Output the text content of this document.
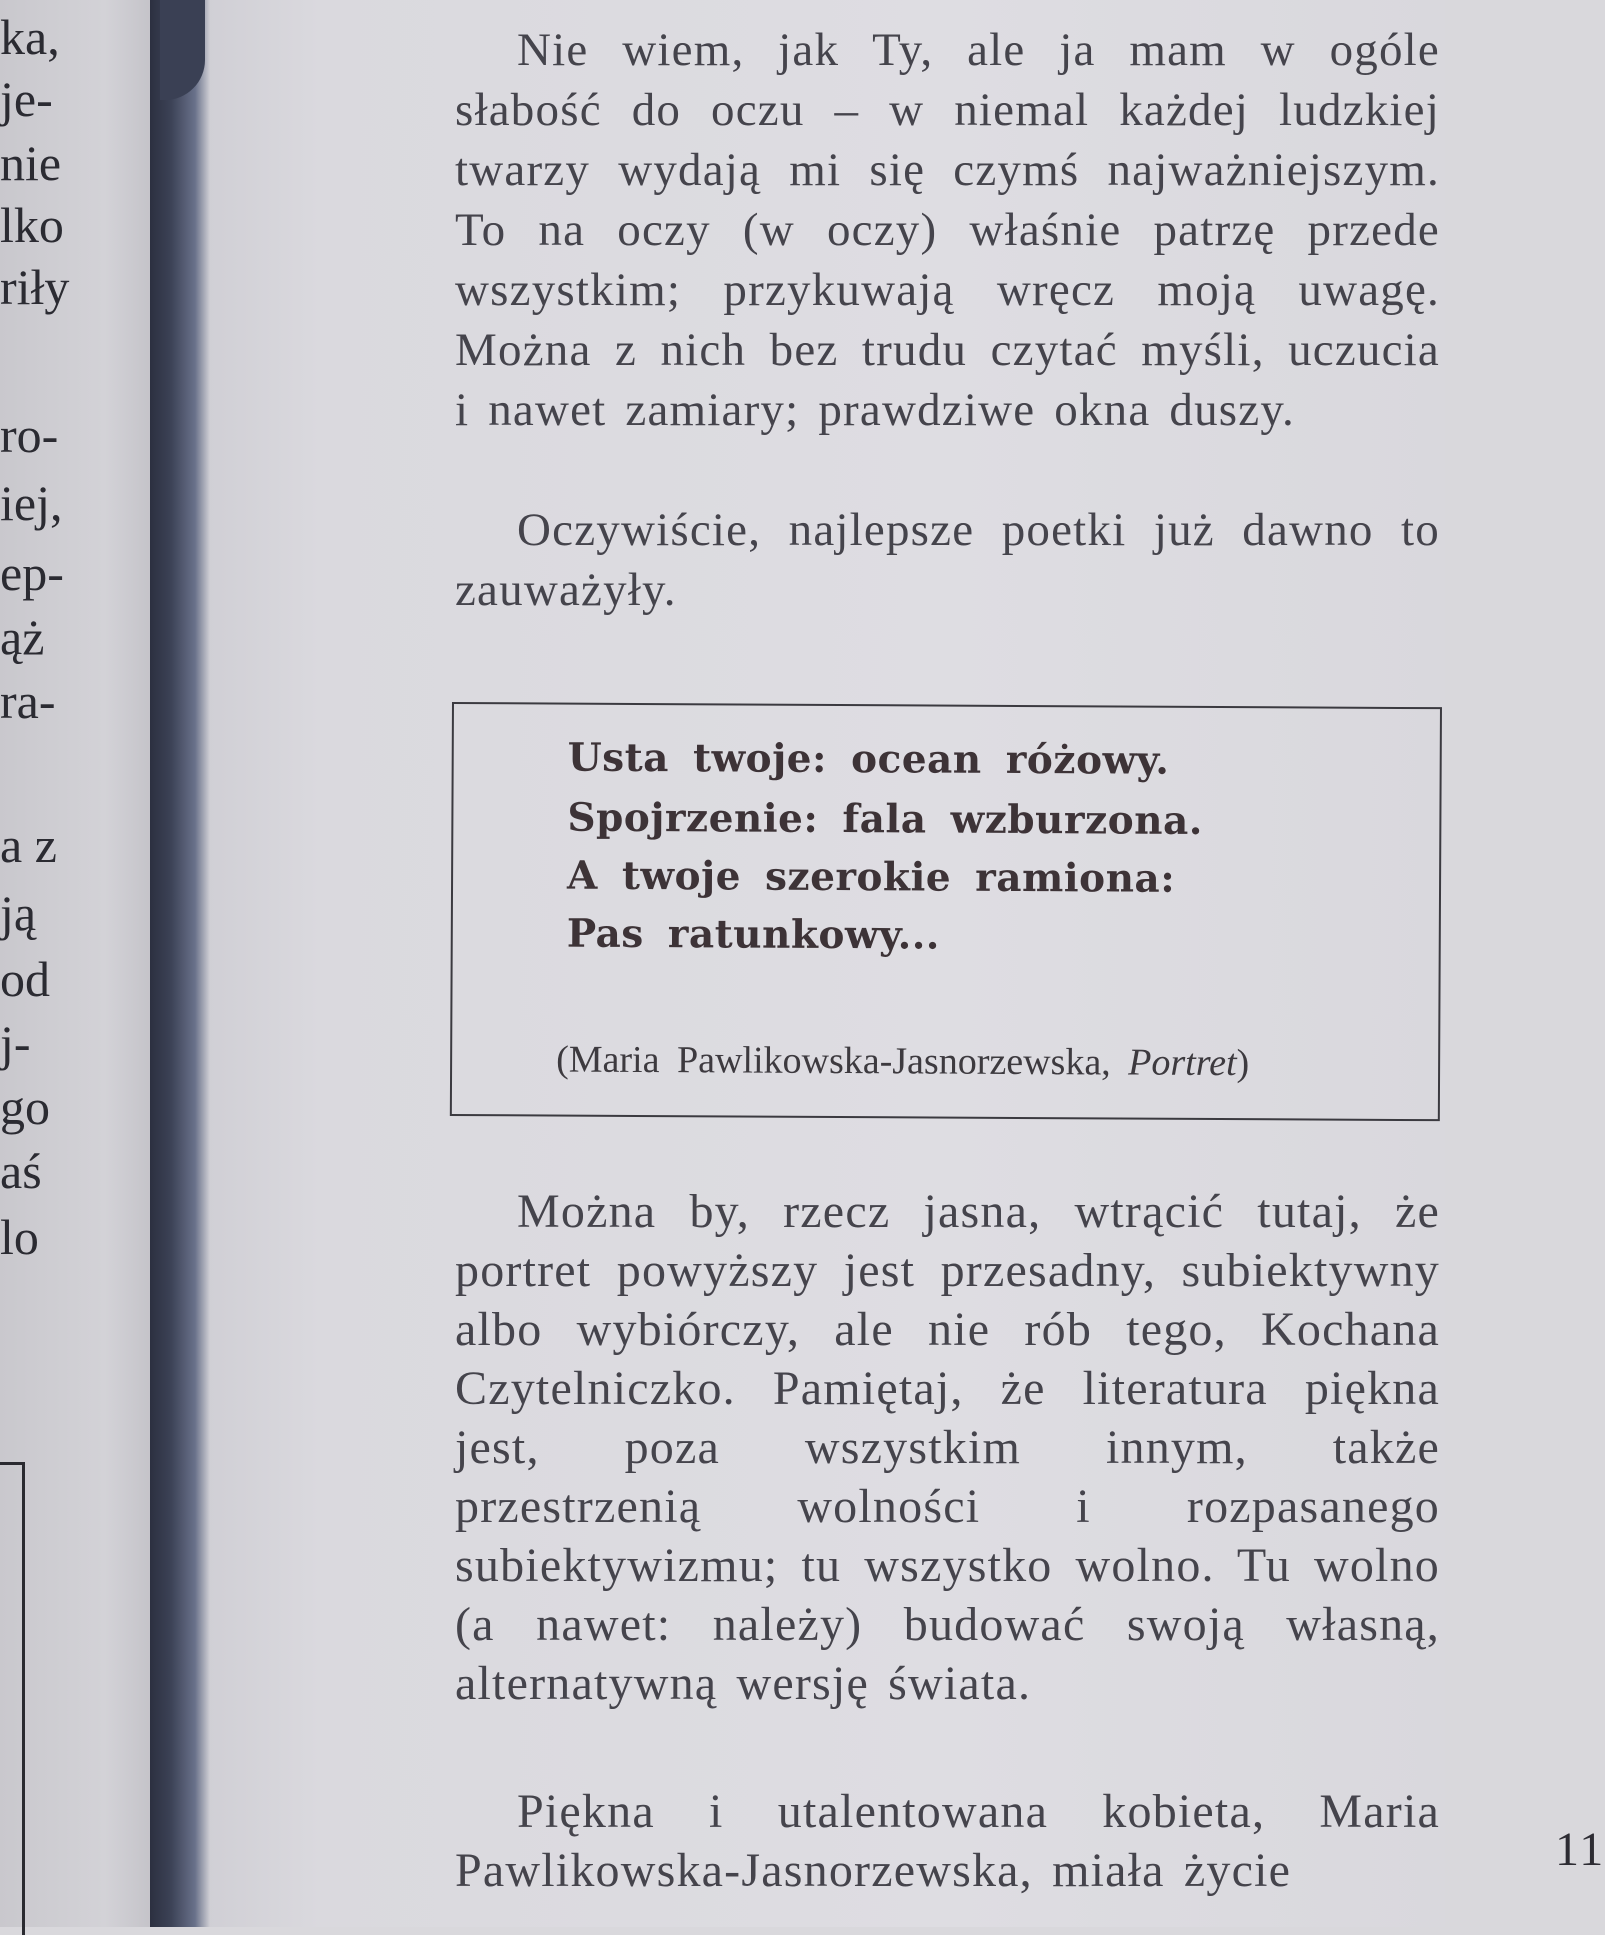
ka,
je-
nie
lko
riły
ro-
iej,
ep-
ąż
ra-
a z
ją
od
j-
go
aś
lo

Nie wiem, jak Ty, ale ja mam w ogóle słabość do oczu – w niemal każdej ludzkiej twarzy wydają mi się czymś najważniejszym. To na oczy (w oczy) właśnie patrzę przede wszystkim; przykuwają wręcz moją uwagę. Można z nich bez trudu czytać myśli, uczucia i nawet zamiary; prawdziwe okna duszy.

Oczywiście, najlepsze poetki już dawno to zauważyły.

Usta twoje: ocean różowy.
Spojrzenie: fala wzburzona.
A twoje szerokie ramiona:
Pas ratunkowy...
(Maria Pawlikowska-Jasnorzewska, Portret)

Można by, rzecz jasna, wtrącić tutaj, że portret powyższy jest przesadny, subiektywny albo wybiórczy, ale nie rób tego, Kochana Czytelniczko. Pamiętaj, że literatura piękna jest, poza wszystkim innym, także przestrzenią wolności i rozpasanego subiektywizmu; tu wszystko wolno. Tu wolno (a nawet: należy) budować swoją własną, alternatywną wersję świata.

Piękna i utalentowana kobieta, Maria Pawlikowska-Jasnorzewska, miała życie	11
